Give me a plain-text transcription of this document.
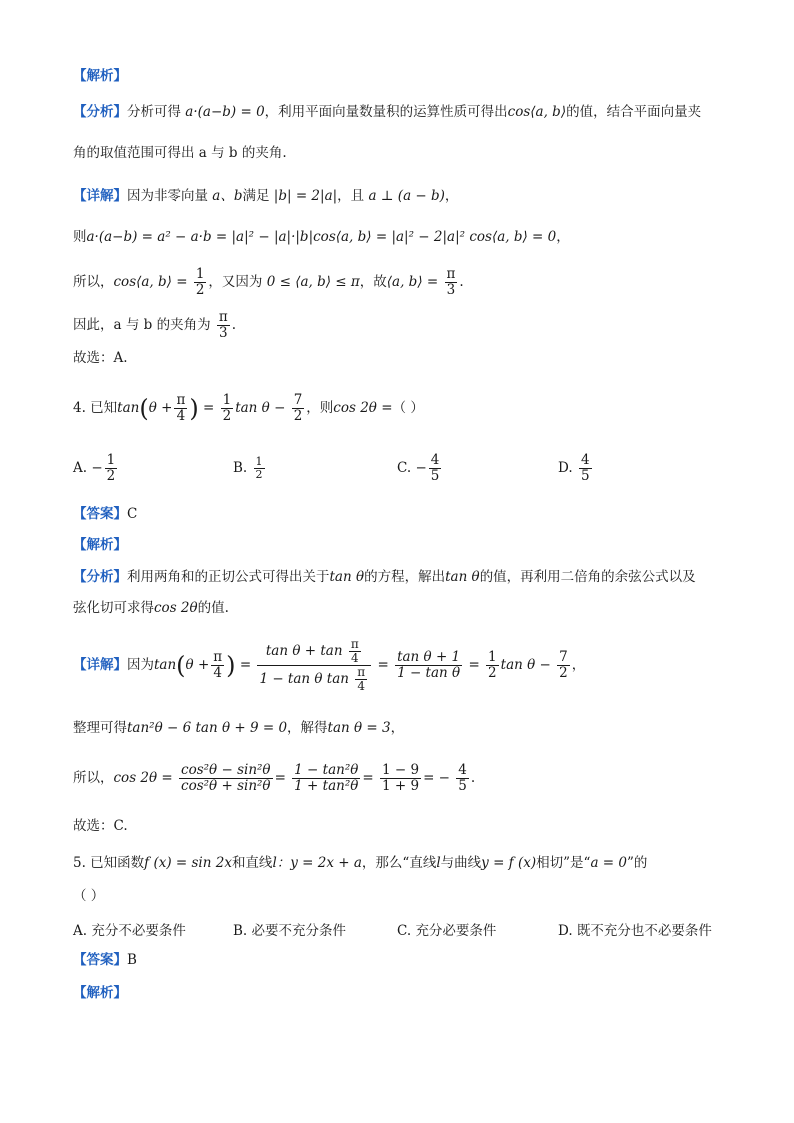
【解析】
【分析】分析可得 a·(a−b) = 0，利用平面向量数量积的运算性质可得出cos⟨a, b⟩的值，结合平面向量夹
角的取值范围可得出 a 与 b 的夹角.
【详解】因为非零向量 a、b满足 |b| = 2|a|，且 a ⊥ (a − b)，
则a·(a−b) = a² − a·b = |a|² − |a|·|b|cos⟨a, b⟩ = |a|² − 2|a|² cos⟨a, b⟩ = 0，
所以，cos⟨a, b⟩ = $\frac{1}{2}$ ，又因为 0 ≤ ⟨a, b⟩ ≤ π，故⟨a, b⟩ = $\frac{\pi}{3}$ .
因此，a 与 b 的夹角为 $\frac{\pi}{3}$ .
故选：A.
4. 已知$\tan(\theta + \frac{\pi}{4}$ ) = $\frac{1}{2}$ $\tan \theta - \frac{7}{2}$ ，则cos 2θ =（ ）
A. − $\frac{1}{2}$	B. $\frac{1}{2}$	C. − $\frac{4}{5}$	D. $\frac{4}{5}$
【答案】C
【解析】
【分析】利用两角和的正切公式可得出关于tan θ的方程，解出tan θ的值，再利用二倍角的余弦公式以及
弦化切可求得cos 2θ的值.
【详解】因为$\tan(\theta + \frac{\pi}{4}$ ) = $\frac{\tan \theta + \tan \frac{\pi}{4}}{1 - \tan \theta \tan \frac{\pi}{4}} = \frac{\text{tan θ + 1}}{\text{1 − tan θ}} = \frac{1}{2}$ $\tan \theta - \frac{7}{2}$ ，
整理可得tan²θ − 6 tan θ + 9 = 0，解得tan θ = 3，
所以，$\cos 2\theta = \frac{\text{cos²θ − sin²θ}}{\text{cos²θ + sin²θ}} = \frac{\text{1 − tan²θ}}{\text{1 + tan²θ}} = \frac{1 - 9}{1 + 9}$ = − $\frac{4}{5}$ .
故选：C.
5. 已知函数f (x) = sin 2x和直线l：y = 2x + a，那么“直线l与曲线y = f (x)相切”是“a = 0”的
（ ）
A. 充分不必要条件	B. 必要不充分条件	C. 充分必要条件	D. 既不充分也不必要条件
【答案】B
【解析】
